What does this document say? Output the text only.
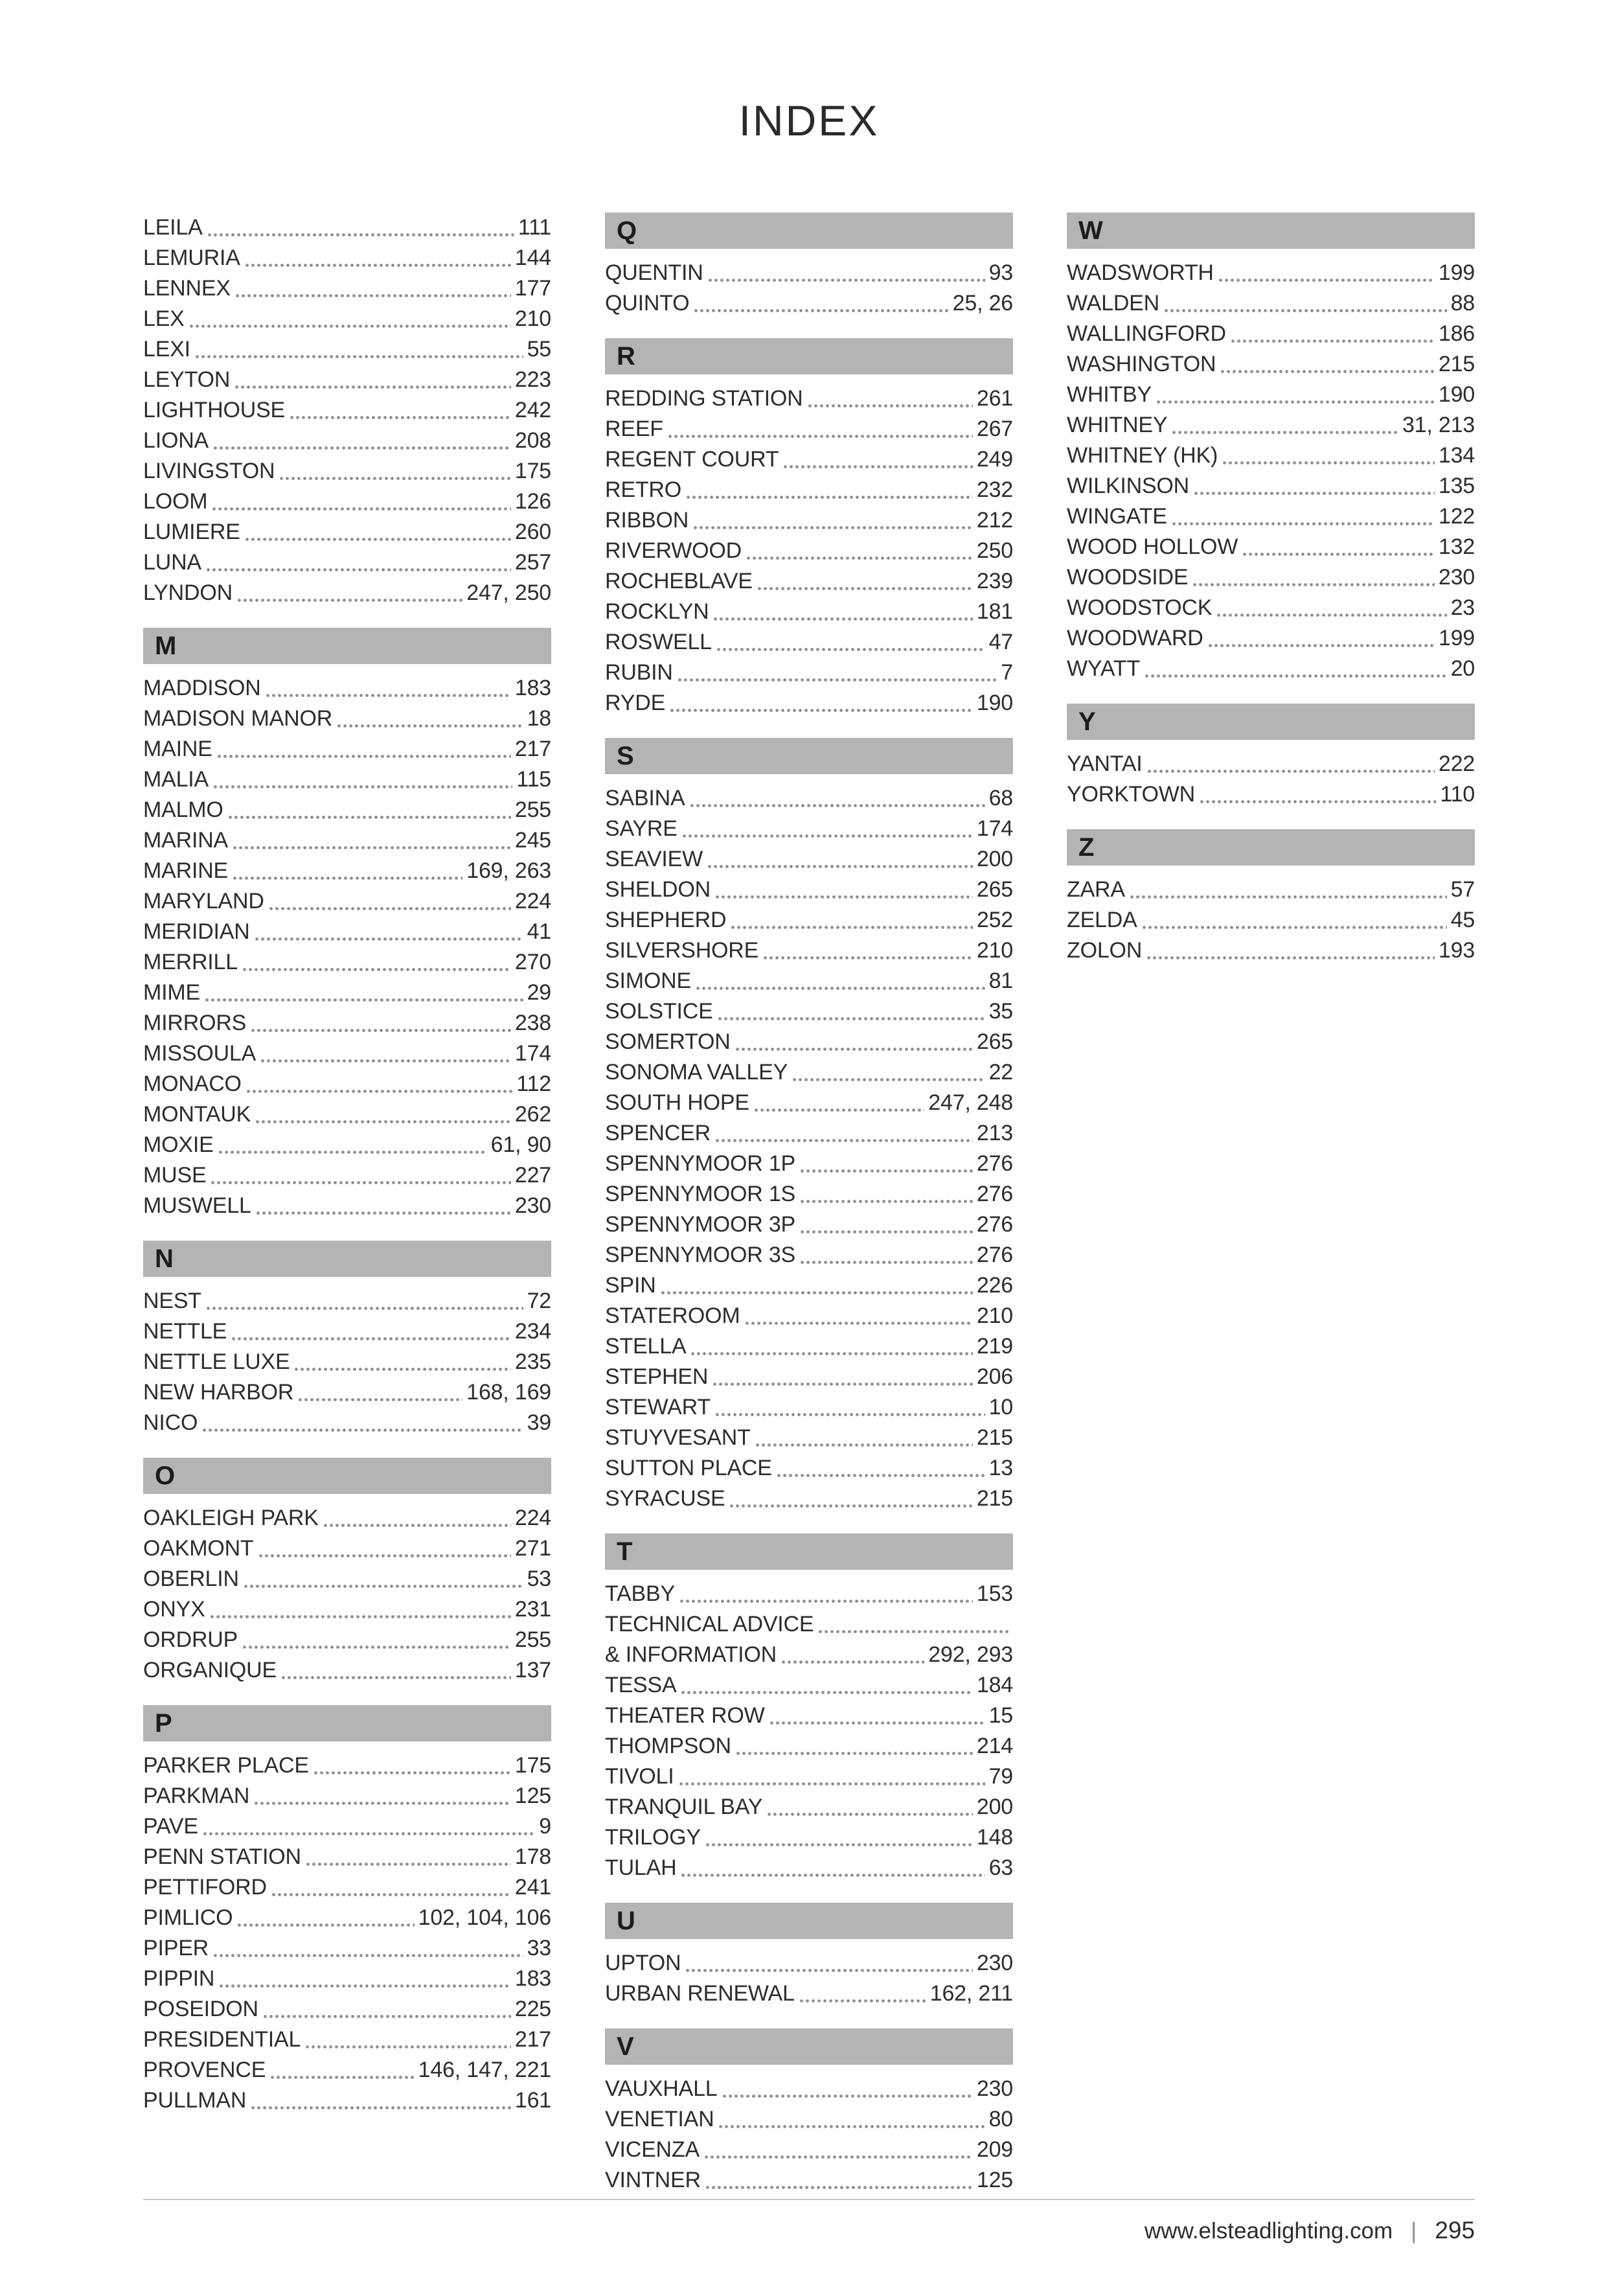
INDEX
LEILA	111
LEMURIA	144
LENNEX	177
LEX	210
LEXI	55
LEYTON	223
LIGHTHOUSE	242
LIONA	208
LIVINGSTON	175
LOOM	126
LUMIERE	260
LUNA	257
LYNDON	247, 250
M
MADDISON	183
MADISON MANOR	18
MAINE	217
MALIA	115
MALMO	255
MARINA	245
MARINE	169, 263
MARYLAND	224
MERIDIAN	41
MERRILL	270
MIME	29
MIRRORS	238
MISSOULA	174
MONACO	112
MONTAUK	262
MOXIE	61, 90
MUSE	227
MUSWELL	230
N
NEST	72
NETTLE	234
NETTLE LUXE	235
NEW HARBOR	168, 169
NICO	39
O
OAKLEIGH PARK	224
OAKMONT	271
OBERLIN	53
ONYX	231
ORDRUP	255
ORGANIQUE	137
P
PARKER PLACE	175
PARKMAN	125
PAVE	9
PENN STATION	178
PETTIFORD	241
PIMLICO	102, 104, 106
PIPER	33
PIPPIN	183
POSEIDON	225
PRESIDENTIAL	217
PROVENCE	146, 147, 221
PULLMAN	161
Q
QUENTIN	93
QUINTO	25, 26
R
REDDING STATION	261
REEF	267
REGENT COURT	249
RETRO	232
RIBBON	212
RIVERWOOD	250
ROCHEBLAVE	239
ROCKLYN	181
ROSWELL	47
RUBIN	7
RYDE	190
S
SABINA	68
SAYRE	174
SEAVIEW	200
SHELDON	265
SHEPHERD	252
SILVERSHORE	210
SIMONE	81
SOLSTICE	35
SOMERTON	265
SONOMA VALLEY	22
SOUTH HOPE	247, 248
SPENCER	213
SPENNYMOOR 1P	276
SPENNYMOOR 1S	276
SPENNYMOOR 3P	276
SPENNYMOOR 3S	276
SPIN	226
STATEROOM	210
STELLA	219
STEPHEN	206
STEWART	10
STUYVESANT	215
SUTTON PLACE	13
SYRACUSE	215
T
TABBY	153
TECHNICAL ADVICE
& INFORMATION	292, 293
TESSA	184
THEATER ROW	15
THOMPSON	214
TIVOLI	79
TRANQUIL BAY	200
TRILOGY	148
TULAH	63
U
UPTON	230
URBAN RENEWAL	162, 211
V
VAUXHALL	230
VENETIAN	80
VICENZA	209
VINTNER	125
W
WADSWORTH	199
WALDEN	88
WALLINGFORD	186
WASHINGTON	215
WHITBY	190
WHITNEY	31, 213
WHITNEY (HK)	134
WILKINSON	135
WINGATE	122
WOOD HOLLOW	132
WOODSIDE	230
WOODSTOCK	23
WOODWARD	199
WYATT	20
Y
YANTAI	222
YORKTOWN	110
Z
ZARA	57
ZELDA	45
ZOLON	193
www.elsteadlighting.com | 295
